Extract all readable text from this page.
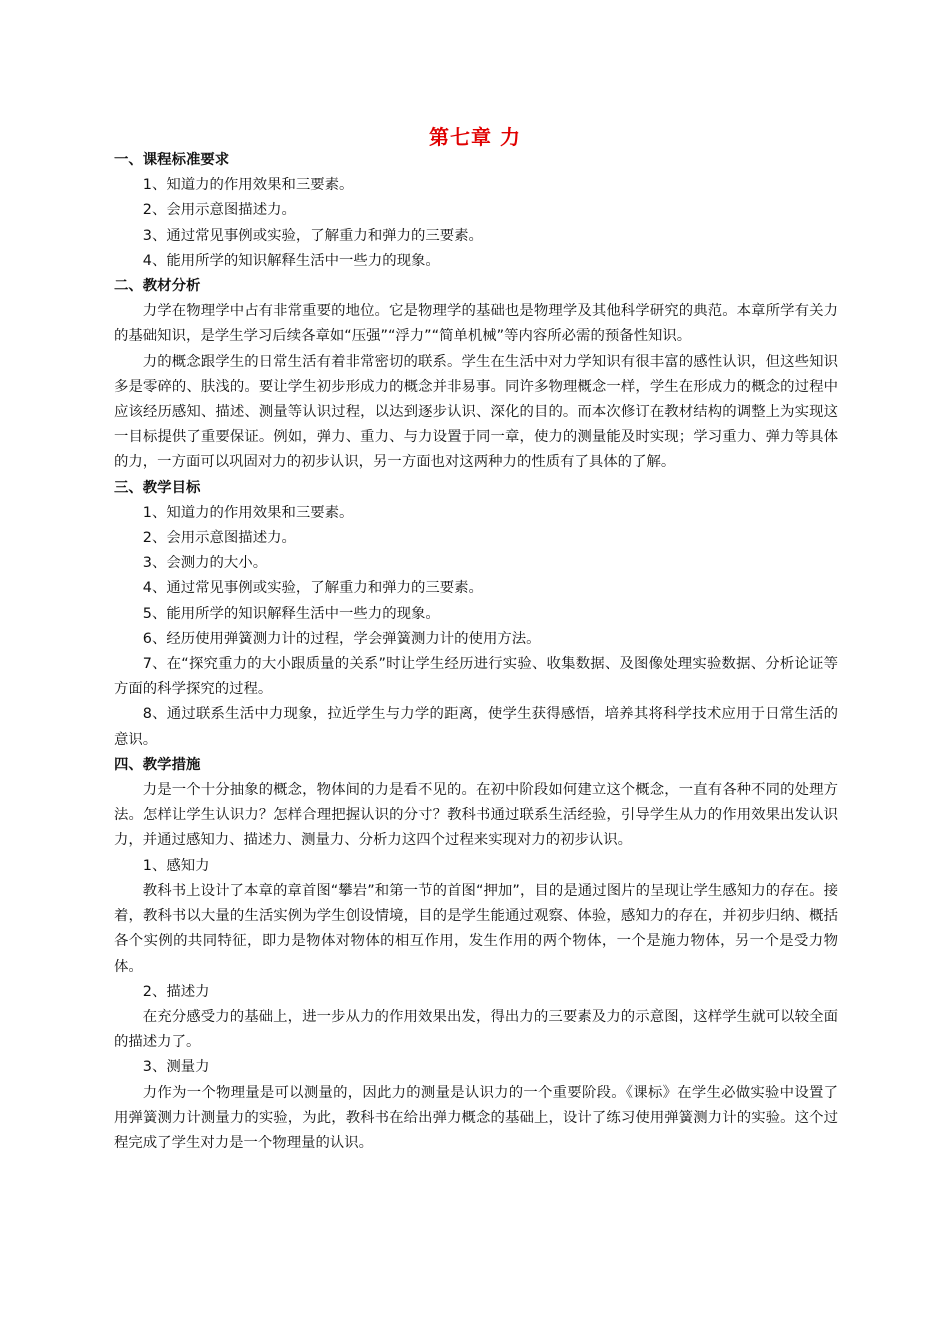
第七章 力

一、课程标准要求

1、知道力的作用效果和三要素。

2、会用示意图描述力。

3、通过常见事例或实验，了解重力和弹力的三要素。

4、能用所学的知识解释生活中一些力的现象。

二、教材分析

力学在物理学中占有非常重要的地位。它是物理学的基础也是物理学及其他科学研究的典范。本章所学有关力的基础知识，是学生学习后续各章如“压强”“浮力”“简单机械”等内容所必需的预备性知识。

力的概念跟学生的日常生活有着非常密切的联系。学生在生活中对力学知识有很丰富的感性认识，但这些知识多是零碎的、肤浅的。要让学生初步形成力的概念并非易事。同许多物理概念一样，学生在形成力的概念的过程中应该经历感知、描述、测量等认识过程，以达到逐步认识、深化的目的。而本次修订在教材结构的调整上为实现这一目标提供了重要保证。例如，弹力、重力、与力设置于同一章，使力的测量能及时实现；学习重力、弹力等具体的力，一方面可以巩固对力的初步认识，另一方面也对这两种力的性质有了具体的了解。

三、教学目标

1、知道力的作用效果和三要素。

2、会用示意图描述力。

3、会测力的大小。

4、通过常见事例或实验，了解重力和弹力的三要素。

5、能用所学的知识解释生活中一些力的现象。

6、经历使用弹簧测力计的过程，学会弹簧测力计的使用方法。

7、在“探究重力的大小跟质量的关系”时让学生经历进行实验、收集数据、及图像处理实验数据、分析论证等方面的科学探究的过程。

8、通过联系生活中力现象，拉近学生与力学的距离，使学生获得感悟，培养其将科学技术应用于日常生活的意识。

四、教学措施

力是一个十分抽象的概念，物体间的力是看不见的。在初中阶段如何建立这个概念，一直有各种不同的处理方法。怎样让学生认识力？怎样合理把握认识的分寸？教科书通过联系生活经验，引导学生从力的作用效果出发认识力，并通过感知力、描述力、测量力、分析力这四个过程来实现对力的初步认识。

1、感知力

教科书上设计了本章的章首图“攀岩”和第一节的首图“押加”，目的是通过图片的呈现让学生感知力的存在。接着，教科书以大量的生活实例为学生创设情境，目的是学生能通过观察、体验，感知力的存在，并初步归纳、概括各个实例的共同特征，即力是物体对物体的相互作用，发生作用的两个物体，一个是施力物体，另一个是受力物体。

2、描述力

在充分感受力的基础上，进一步从力的作用效果出发，得出力的三要素及力的示意图，这样学生就可以较全面的描述力了。

3、测量力

力作为一个物理量是可以测量的，因此力的测量是认识力的一个重要阶段。《课标》在学生必做实验中设置了用弹簧测力计测量力的实验，为此，教科书在给出弹力概念的基础上，设计了练习使用弹簧测力计的实验。这个过程完成了学生对力是一个物理量的认识。
